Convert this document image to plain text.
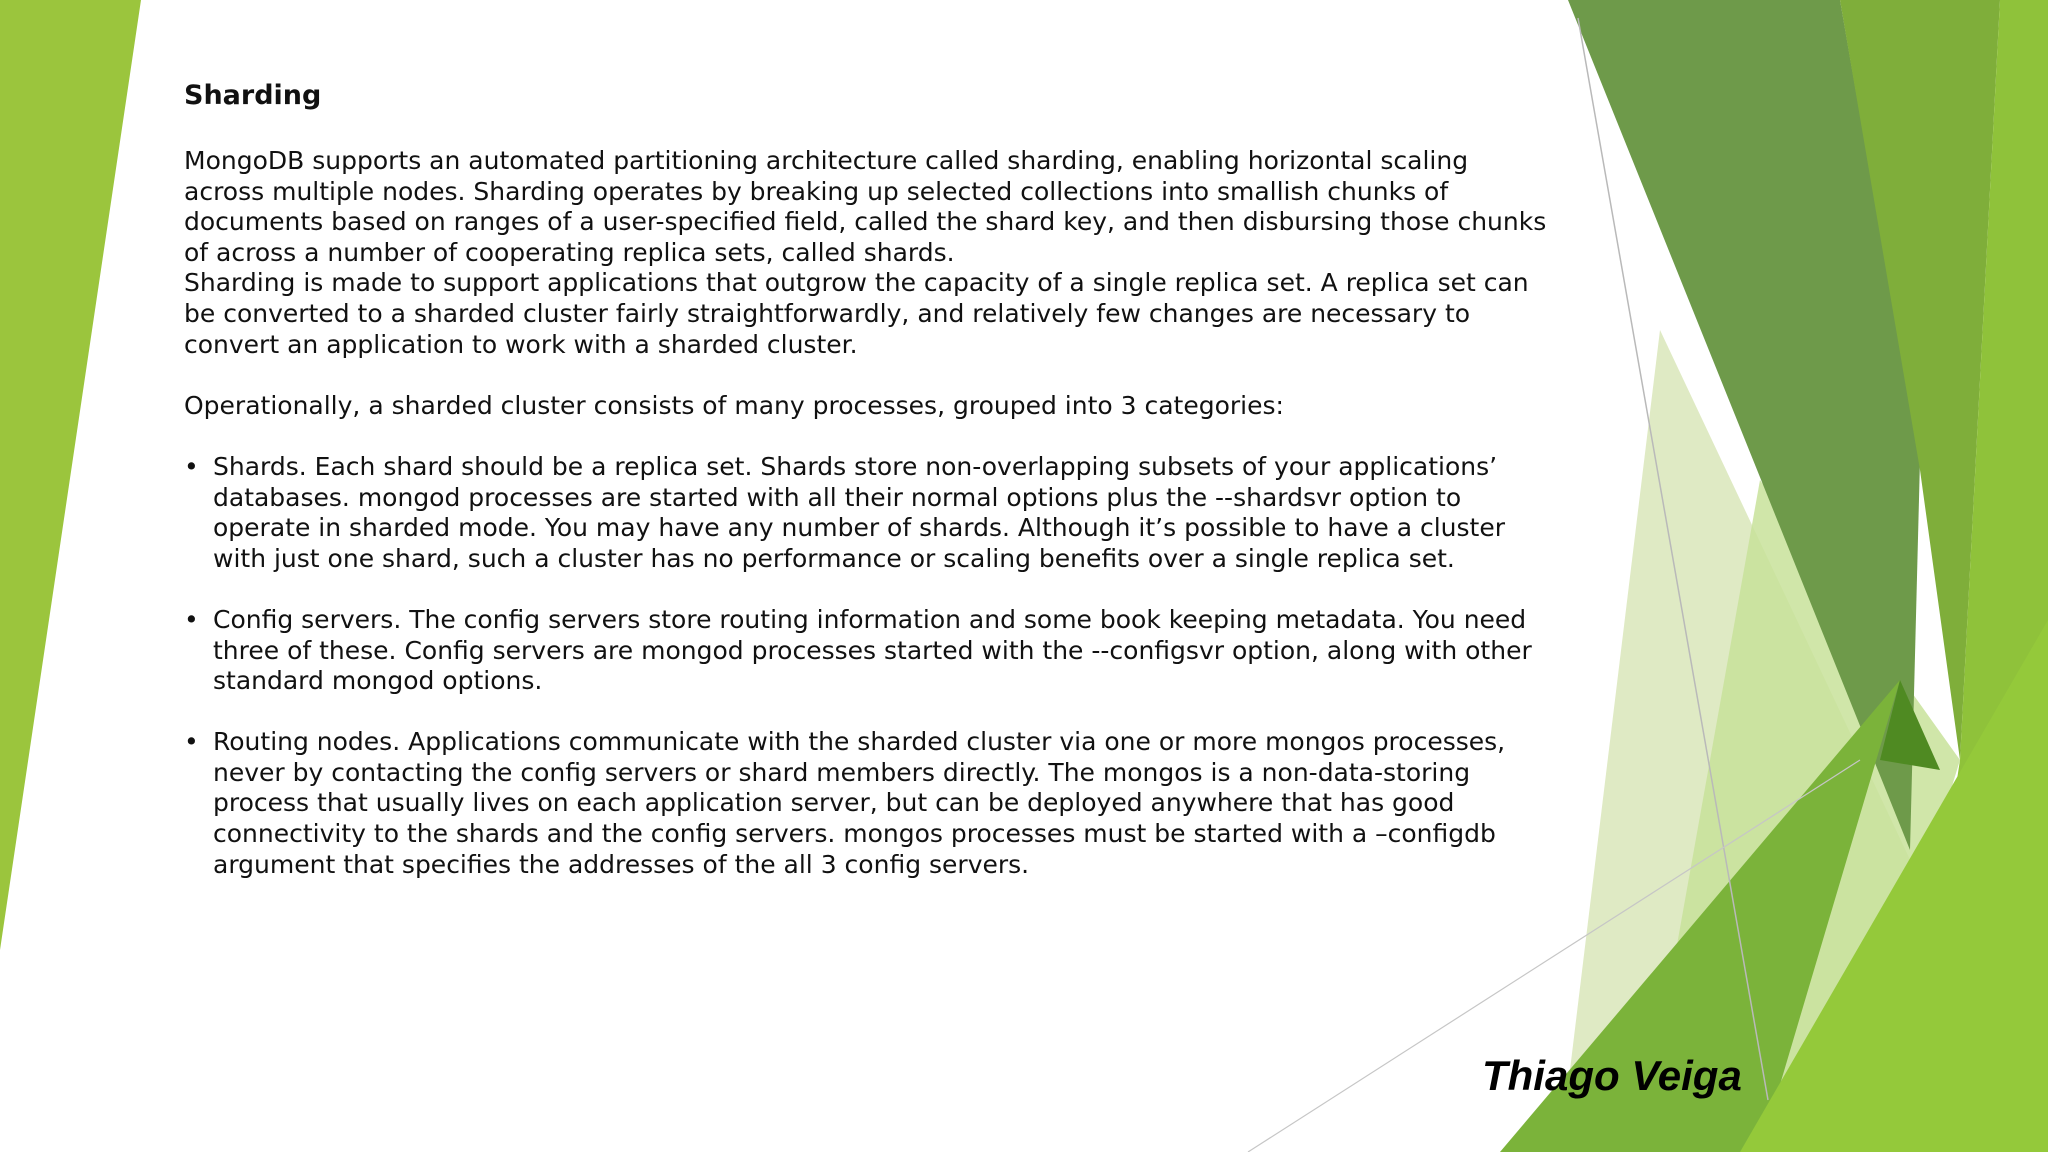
Sharding

MongoDB supports an automated partitioning architecture called sharding, enabling horizontal scaling across multiple nodes. Sharding operates by breaking up selected collections into smallish chunks of documents based on ranges of a user-specified field, called the shard key, and then disbursing those chunks of across a number of cooperating replica sets, called shards.

Sharding is made to support applications that outgrow the capacity of a single replica set. A replica set can be converted to a sharded cluster fairly straightforwardly, and relatively few changes are necessary to convert an application to work with a sharded cluster.

Operationally, a sharded cluster consists of many processes, grouped into 3 categories:

• Shards. Each shard should be a replica set. Shards store non-overlapping subsets of your applications’ databases. mongod processes are started with all their normal options plus the --shardsvr option to operate in sharded mode. You may have any number of shards. Although it’s possible to have a cluster with just one shard, such a cluster has no performance or scaling benefits over a single replica set.
• Config servers. The config servers store routing information and some book keeping metadata. You need three of these. Config servers are mongod processes started with the --configsvr option, along with other standard mongod options.
• Routing nodes. Applications communicate with the sharded cluster via one or more mongos processes, never by contacting the config servers or shard members directly. The mongos is a non-data-storing process that usually lives on each application server, but can be deployed anywhere that has good connectivity to the shards and the config servers. mongos processes must be started with a –configdb argument that specifies the addresses of the all 3 config servers.
Thiago Veiga
